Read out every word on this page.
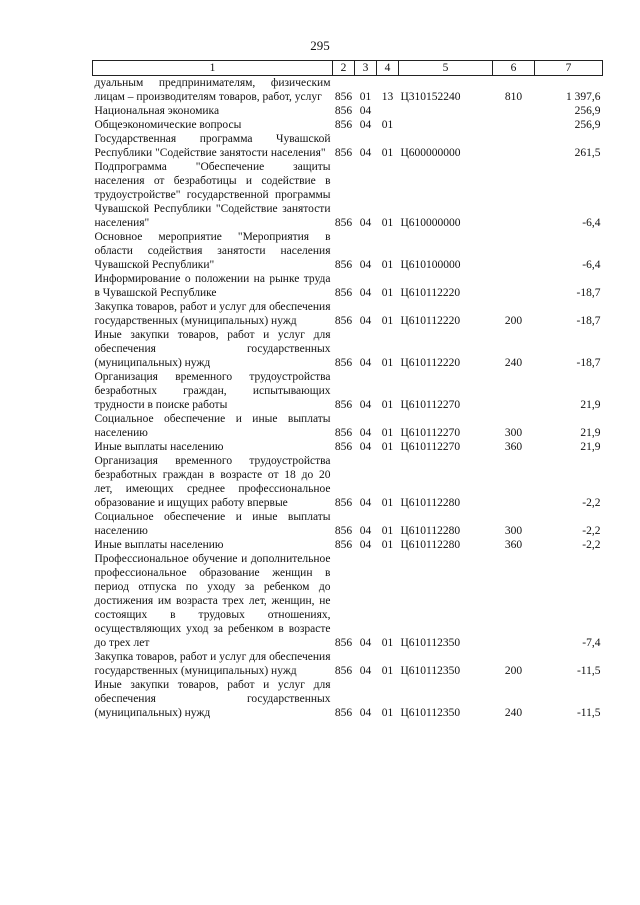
295
1	2	3	4	5	6	7
дуальным предпринимателям, физическим лицам – производителям товаров, работ, услуг	856	01	13	Ц310152240	810	1 397,6
Национальная экономика	856	04				256,9
Общеэкономические вопросы	856	04	01			256,9
Государственная программа Чувашской Республики "Содействие занятости населения"	856	04	01	Ц600000000		261,5
Подпрограмма "Обеспечение защиты населения от безработицы и содействие в трудоустройстве" государственной программы Чувашской Республики "Содействие занятости населения"	856	04	01	Ц610000000		-6,4
Основное мероприятие "Мероприятия в области содействия занятости населения Чувашской Республики"	856	04	01	Ц610100000		-6,4
Информирование о положении на рынке труда в Чувашской Республике	856	04	01	Ц610112220		-18,7
Закупка товаров, работ и услуг для обеспечения государственных (муниципальных) нужд	856	04	01	Ц610112220	200	-18,7
Иные закупки товаров, работ и услуг для обеспечения государственных (муниципальных) нужд	856	04	01	Ц610112220	240	-18,7
Организация временного трудоустройства безработных граждан, испытывающих трудности в поиске работы	856	04	01	Ц610112270		21,9
Социальное обеспечение и иные выплаты населению	856	04	01	Ц610112270	300	21,9
Иные выплаты населению	856	04	01	Ц610112270	360	21,9
Организация временного трудоустройства безработных граждан в возрасте от 18 до 20 лет, имеющих среднее профессиональное образование и ищущих работу впервые	856	04	01	Ц610112280		-2,2
Социальное обеспечение и иные выплаты населению	856	04	01	Ц610112280	300	-2,2
Иные выплаты населению	856	04	01	Ц610112280	360	-2,2
Профессиональное обучение и дополнительное профессиональное образование женщин в период отпуска по уходу за ребенком до достижения им возраста трех лет, женщин, не состоящих в трудовых отношениях, осуществляющих уход за ребенком в возрасте до трех лет	856	04	01	Ц610112350		-7,4
Закупка товаров, работ и услуг для обеспечения государственных (муниципальных) нужд	856	04	01	Ц610112350	200	-11,5
Иные закупки товаров, работ и услуг для обеспечения государственных (муниципальных) нужд	856	04	01	Ц610112350	240	-11,5
